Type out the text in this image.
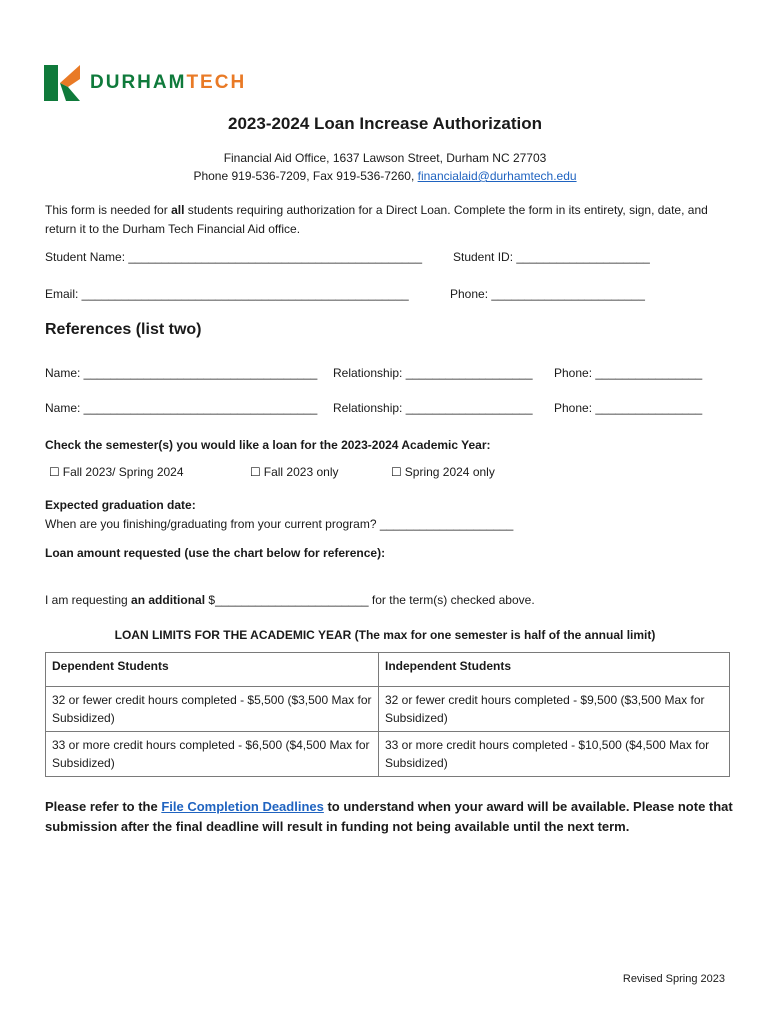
DURHAMTECH
2023-2024 Loan Increase Authorization
Financial Aid Office, 1637 Lawson Street, Durham NC 27703
Phone 919-536-7209, Fax 919-536-7260, financialaid@durhamtech.edu
This form is needed for all students requiring authorization for a Direct Loan. Complete the form in its entirety, sign, date, and return it to the Durham Tech Financial Aid office.
Student Name: ____________________________________________	Student ID: ____________________
Email: _________________________________________________	Phone: _______________________
References (list two)
Name: ___________________________________ Relationship: ___________________ Phone: ________________
Name: ___________________________________ Relationship: ___________________ Phone: ________________
Check the semester(s) you would like a loan for the 2023-2024 Academic Year:
☐ Fall 2023/ Spring 2024	☐ Fall 2023 only	☐ Spring 2024 only
Expected graduation date:
When are you finishing/graduating from your current program? ____________________
Loan amount requested (use the chart below for reference):
I am requesting an additional $_______________________ for the term(s) checked above.
LOAN LIMITS FOR THE ACADEMIC YEAR (The max for one semester is half of the annual limit)
Dependent Students	Independent Students
32 or fewer credit hours completed - $5,500 ($3,500 Max for Subsidized)	32 or fewer credit hours completed - $9,500 ($3,500 Max for Subsidized)
33 or more credit hours completed - $6,500 ($4,500 Max for Subsidized)	33 or more credit hours completed - $10,500 ($4,500 Max for Subsidized)
Please refer to the File Completion Deadlines to understand when your award will be available. Please note that submission after the final deadline will result in funding not being available until the next term.
Revised Spring 2023
